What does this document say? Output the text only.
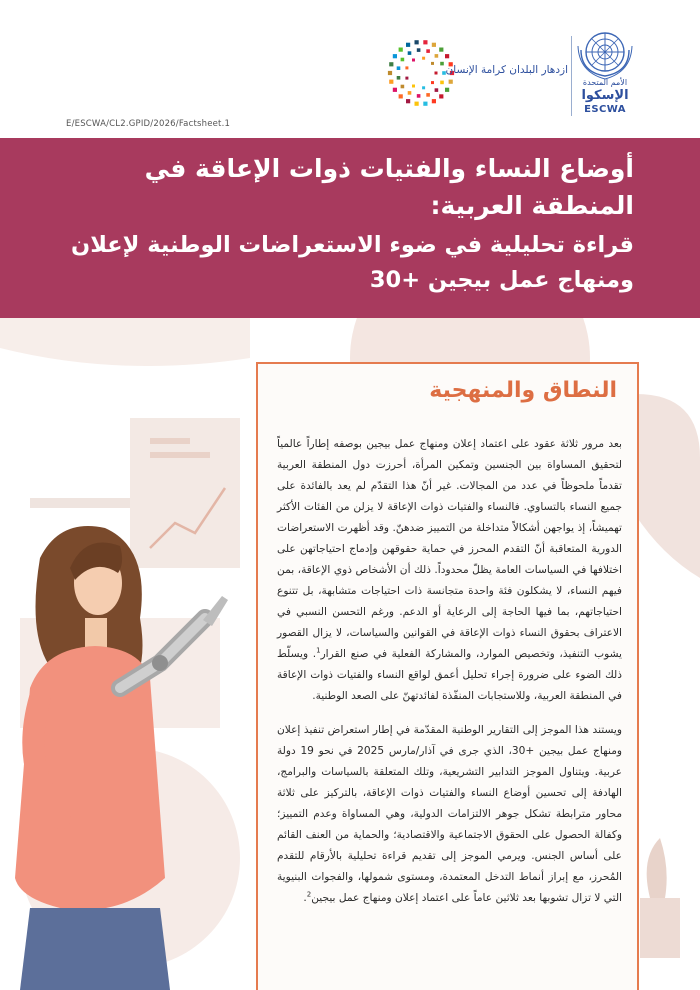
E/ESCWA/CL2.GPID/2026/Factsheet.1
ازدهار البلدان كرامة الإنسان
الأمم المتحدة
الإسكوا
ESCWA
أوضاع النساء والفتيات ذوات الإعاقة في المنطقة العربية:
قراءة تحليلية في ضوء الاستعراضات الوطنية لإعلان ومنهاج عمل بيجين +30
النطاق والمنهجية

بعد مرور ثلاثة عقود على اعتماد إعلان ومنهاج عمل بيجين بوصفه إطاراً عالمياً لتحقيق المساواة بين الجنسين وتمكين المرأة، أحرزت دول المنطقة العربية تقدماً ملحوظاً في عدد من المجالات. غير أنّ هذا التقدّم لم يعد بالفائدة على جميع النساء بالتساوي. فالنساء والفتيات ذوات الإعاقة لا يزلن من الفئات الأكثر تهميشاً، إذ يواجهن أشكالاً متداخلة من التمييز ضدهنّ. وقد أظهرت الاستعراضات الدورية المتعاقبة أنّ التقدم المحرز في حماية حقوقهن وإدماج احتياجاتهن على اختلافها في السياسات العامة يظلّ محدوداً. ذلك أن الأشخاص ذوي الإعاقة، بمن فيهم النساء، لا يشكلون فئة واحدة متجانسة ذات احتياجات متشابهة، بل تتنوع احتياجاتهم، بما فيها الحاجة إلى الرعاية أو الدعم. ورغم التحسن النسبي في الاعتراف بحقوق النساء ذوات الإعاقة في القوانين والسياسات، لا يزال القصور يشوب التنفيذ، وتخصيص الموارد، والمشاركة الفعلية في صنع القرار$^1$. ويسلّط ذلك الضوء على ضرورة إجراء تحليل أعمق لواقع النساء والفتيات ذوات الإعاقة في المنطقة العربية، وللاستجابات المنفّذة لفائدتهنّ على الصعد الوطنية.

ويستند هذا الموجز إلى التقارير الوطنية المقدّمة في إطار استعراض تنفيذ إعلان ومنهاج عمل بيجين +30، الذي جرى في آذار/مارس 2025 في نحو 19 دولة عربية. ويتناول الموجز التدابير التشريعية، وتلك المتعلقة بالسياسات والبرامج، الهادفة إلى تحسين أوضاع النساء والفتيات ذوات الإعاقة، بالتركيز على ثلاثة محاور مترابطة تشكل جوهر الالتزامات الدولية، وهي المساواة وعدم التمييز؛ وكفالة الحصول على الحقوق الاجتماعية والاقتصادية؛ والحماية من العنف القائم على أساس الجنس. ويرمي الموجز إلى تقديم قراءة تحليلية بالأرقام للتقدم المُحرز، مع إبراز أنماط التدخل المعتمدة، ومستوى شمولها، والفجوات البنيوية التي لا تزال تشوبها بعد ثلاثين عاماً على اعتماد إعلان ومنهاج عمل بيجين$^2$.
